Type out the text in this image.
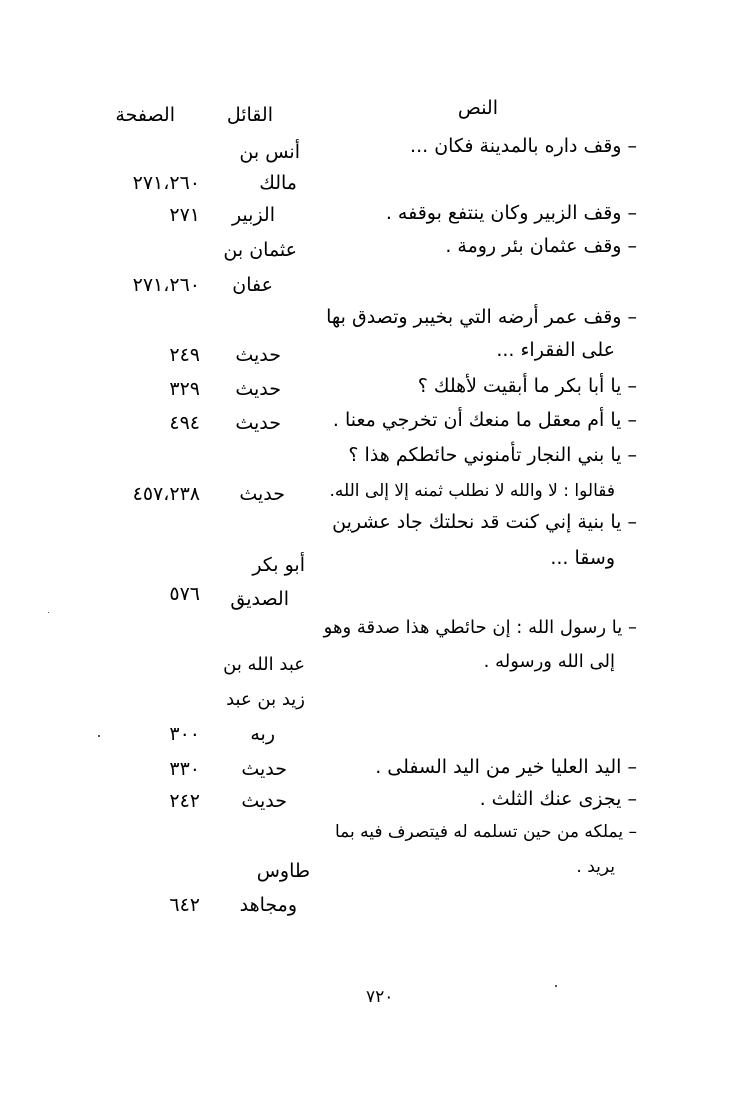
النص
القائل
الصفحة
– وقف داره بالمدينة فكان ...
– وقف الزبير وكان ينتفع بوقفه .
– وقف عثمان بئر رومة .
– وقف عمر أرضه التي بخيبر وتصدق بها
على الفقراء ...
– يا أبا بكر ما أبقيت لأهلك ؟
– يا أم معقل ما منعك أن تخرجي معنا .
– يا بني النجار تأمنوني حائطكم هذا ؟
فقالوا : لا والله لا نطلب ثمنه إلا إلى الله.
– يا بنية إني كنت قد نحلتك جاد عشرين
وسقا ...
– يا رسول الله : إن حائطي هذا صدقة وهو
إلى الله ورسوله .
– اليد العليا خير من اليد السفلى .
– يجزى عنك الثلث .
– يملكه من حين تسلمه له فيتصرف فيه بما
يريد .
أنس بن
مالك
الزبير
عثمان بن
عفان
حديث
حديث
حديث
حديث
أبو بكر
الصديق
عبد الله بن
زيد بن عبد
ربه
حديث
حديث
طاوس
ومجاهد
٢٧١،٢٦٠
٢٧١
٢٧١،٢٦٠
٢٤٩
٣٢٩
٤٩٤
٤٥٧،٢٣٨
٥٧٦
٣٠٠
٣٣٠
٢٤٢
٦٤٢
٧٢٠
